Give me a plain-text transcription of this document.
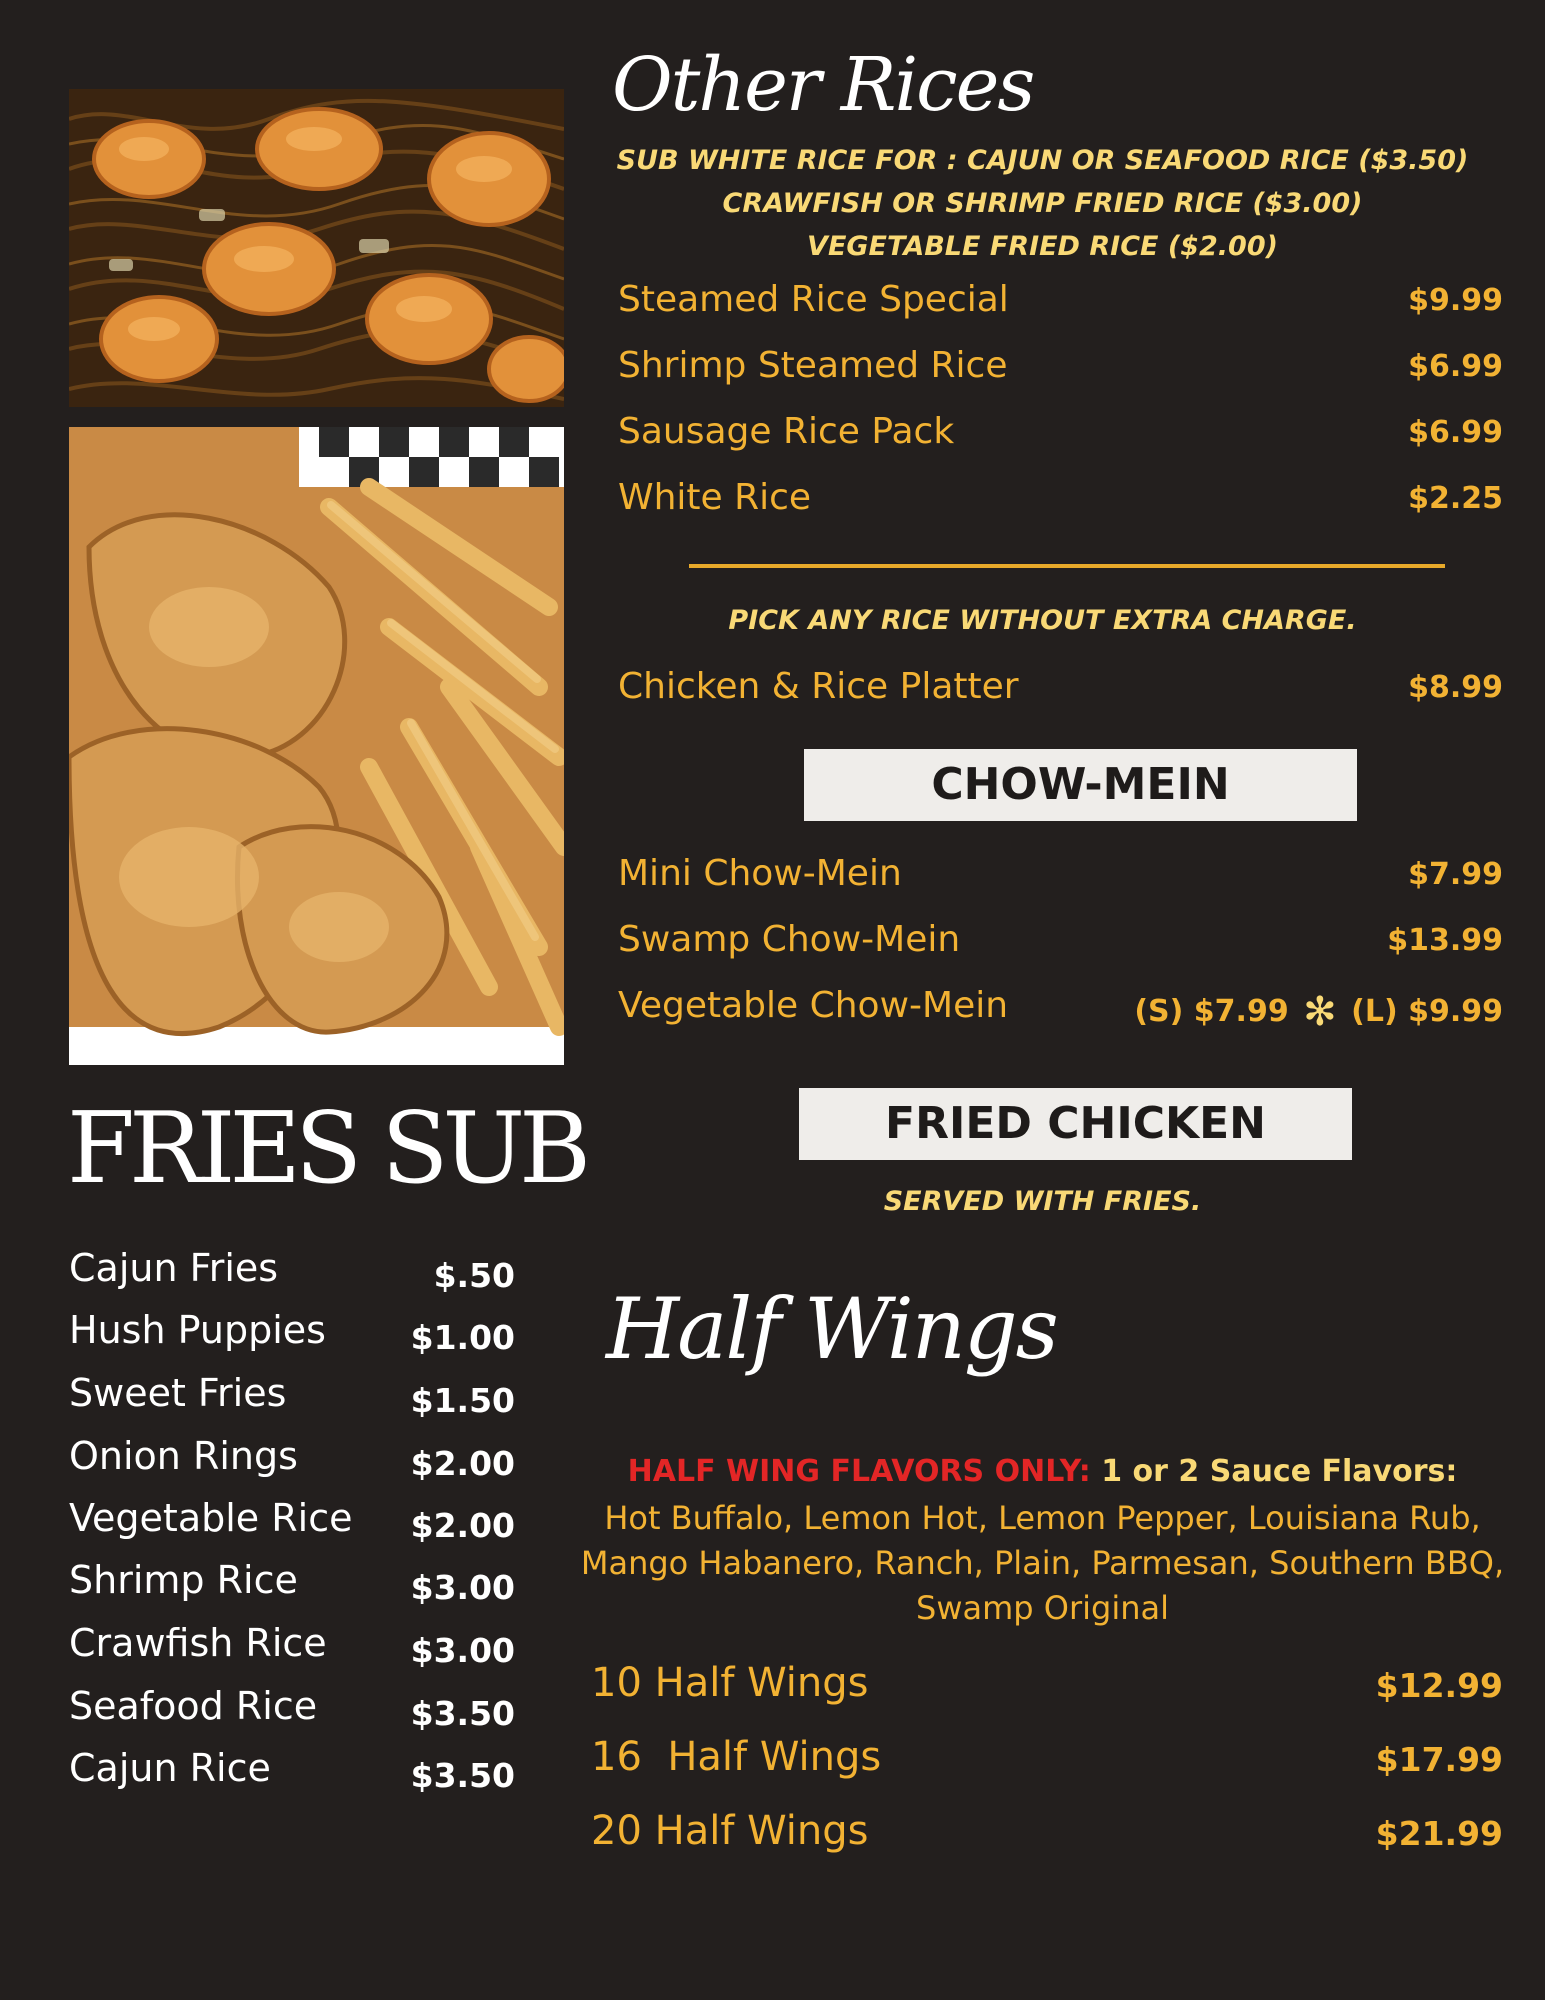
FRIES SUB
Cajun Fries	$.50
Hush Puppies	$1.00
Sweet Fries	$1.50
Onion Rings	$2.00
Vegetable Rice $2.00
Shrimp Rice	$3.00
Crawfish Rice	$3.00
Seafood Rice	$3.50
Cajun Rice	$3.50
Other Rices
SUB WHITE RICE FOR : CAJUN OR SEAFOOD RICE ($3.50)
CRAWFISH OR SHRIMP FRIED RICE ($3.00)
VEGETABLE FRIED RICE ($2.00)
Steamed Rice Special	$9.99
Shrimp Steamed Rice	$6.99
Sausage Rice Pack	$6.99
White Rice	$2.25
PICK ANY RICE WITHOUT EXTRA CHARGE.
Chicken & Rice Platter	$8.99
CHOW-MEIN
Mini Chow-Mein	$7.99
Swamp Chow-Mein	$13.99
Vegetable Chow-Mein	(S) $7.99 ✻ (L) $9.99
FRIED CHICKEN
SERVED WITH FRIES.
Half Wings
HALF WING FLAVORS ONLY: 1 or 2 Sauce Flavors:
Hot Buffalo, Lemon Hot, Lemon Pepper, Louisiana Rub,
Mango Habanero, Ranch, Plain, Parmesan, Southern BBQ,
Swamp Original
10 Half Wings	$12.99
16  Half Wings	$17.99
20 Half Wings	$21.99
